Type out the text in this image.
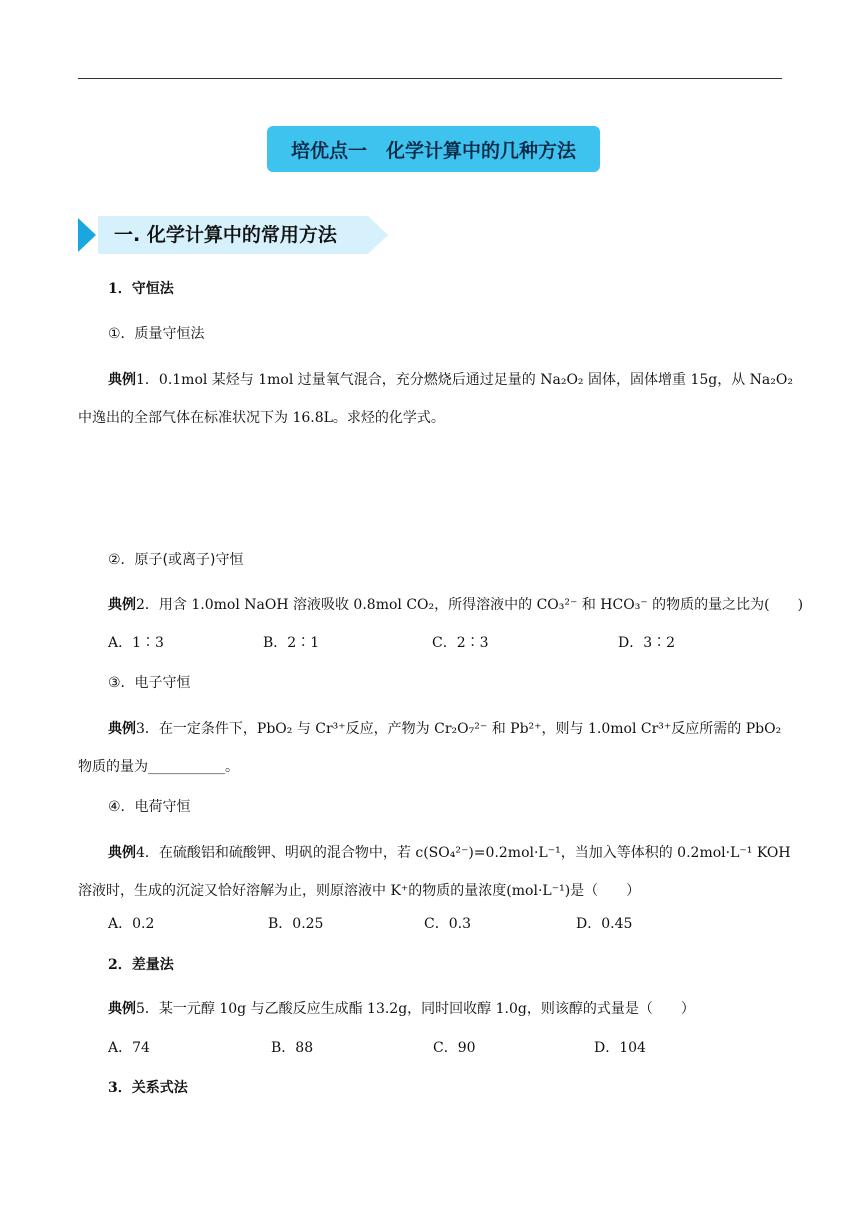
培优点一　化学计算中的几种方法
一. 化学计算中的常用方法
1．守恒法
①．质量守恒法
典例1．0.1mol 某烃与 1mol 过量氧气混合，充分燃烧后通过足量的 Na₂O₂ 固体，固体增重 15g，从 Na₂O₂
中逸出的全部气体在标准状况下为 16.8L。求烃的化学式。
②．原子(或离子)守恒
典例2．用含 1.0mol NaOH 溶液吸收 0.8mol CO₂，所得溶液中的 CO₃²⁻ 和 HCO₃⁻ 的物质的量之比为(　　)
A．1∶3	B．2∶1	C．2∶3	D．3∶2
③．电子守恒
典例3．在一定条件下，PbO₂ 与 Cr³⁺反应，产物为 Cr₂O₇²⁻ 和 Pb²⁺，则与 1.0mol Cr³⁺反应所需的 PbO₂
物质的量为___________。
④．电荷守恒
典例4．在硫酸铝和硫酸钾、明矾的混合物中，若 c(SO₄²⁻)=0.2mol·L⁻¹，当加入等体积的 0.2mol·L⁻¹ KOH
溶液时，生成的沉淀又恰好溶解为止，则原溶液中 K⁺的物质的量浓度(mol·L⁻¹)是（　　）
A．0.2	B．0.25	C．0.3	D．0.45
2．差量法
典例5．某一元醇 10g 与乙酸反应生成酯 13.2g，同时回收醇 1.0g，则该醇的式量是（　　）
A．74	B．88	C．90	D．104
3．关系式法
